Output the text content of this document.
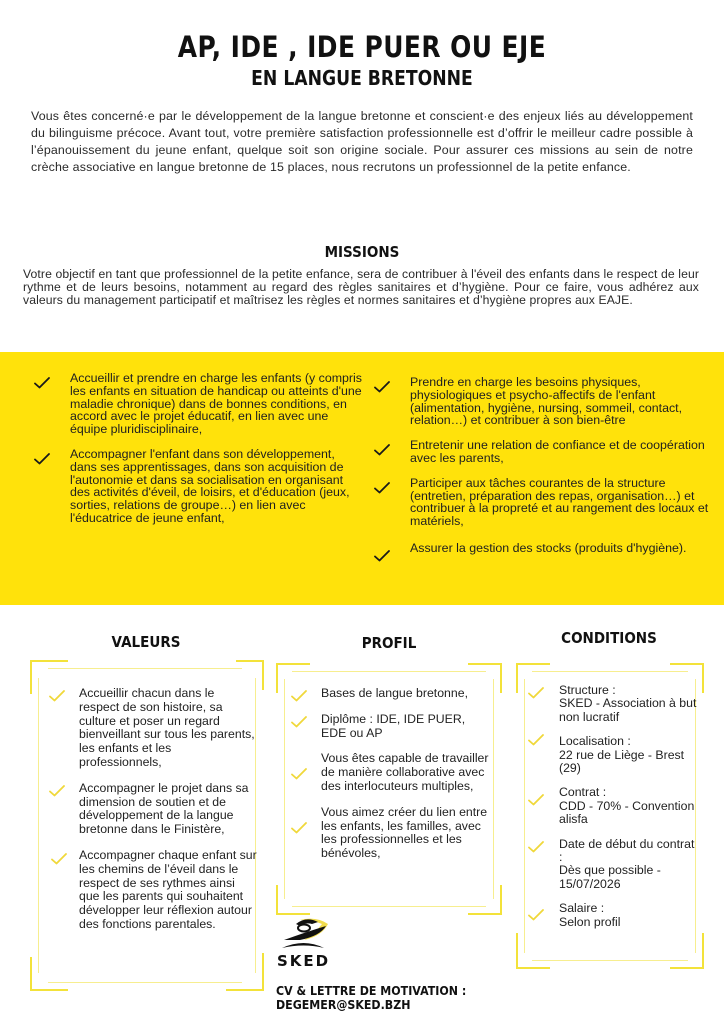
AP, IDE , IDE PUER OU EJE
EN LANGUE BRETONNE
Vous êtes concerné·e par le développement de la langue bretonne et conscient·e des enjeux liés au développement du bilinguisme précoce. Avant tout, votre première satisfaction professionnelle est d’offrir le meilleur cadre possible à l’épanouissement du jeune enfant, quelque soit son origine sociale. Pour assurer ces missions au sein de notre crèche associative en langue bretonne de 15 places, nous recrutons un professionnel de la petite enfance.
MISSIONS
Votre objectif en tant que professionnel de la petite enfance, sera de contribuer à l'éveil des enfants dans le respect de leur rythme et de leurs besoins, notamment au regard des règles sanitaires et d’hygiène. Pour ce faire, vous adhérez aux valeurs du management participatif et maîtrisez les règles et normes sanitaires et d’hygiène propres aux EAJE.
Accueillir et prendre en charge les enfants (y compris les enfants en situation de handicap ou atteints d'une maladie chronique) dans de bonnes conditions, en accord avec le projet éducatif, en lien avec une équipe pluridisciplinaire,
Accompagner l'enfant dans son développement, dans ses apprentissages, dans son acquisition de l'autonomie et dans sa socialisation en organisant des activités d'éveil, de loisirs, et d'éducation (jeux, sorties, relations de groupe…) en lien avec l'éducatrice de jeune enfant,
Prendre en charge les besoins physiques, physiologiques et psycho-affectifs de l'enfant (alimentation, hygiène, nursing, sommeil, contact, relation…) et contribuer à son bien-être
Entretenir une relation de confiance et de coopération avec les parents,
Participer aux tâches courantes de la structure (entretien, préparation des repas, organisation…) et contribuer à la propreté et au rangement des locaux et matériels,
Assurer la gestion des stocks (produits d'hygiène).
VALEURS	PROFIL	CONDITIONS
Accueillir chacun dans le respect de son histoire, sa culture et poser un regard bienveillant sur tous les parents, les enfants et les professionnels,
Accompagner le projet dans sa dimension de soutien et de développement de la langue bretonne dans le Finistère,
Accompagner chaque enfant sur les chemins de l’éveil dans le respect de ses rythmes ainsi que les parents qui souhaitent développer leur réflexion autour des fonctions parentales.
Bases de langue bretonne,
Diplôme : IDE, IDE PUER, EDE ou AP
Vous êtes capable de travailler de manière collaborative avec des interlocuteurs multiples,
Vous aimez créer du lien entre les enfants, les familles, avec les professionnelles et les bénévoles,
Structure :
SKED - Association à but non lucratif
Localisation :
22 rue de Liège - Brest (29)
Contrat :
CDD - 70% - Convention alisfa
Date de début du contrat :
Dès que possible - 15/07/2026
Salaire :
Selon profil
SKED
CV & LETTRE DE MOTIVATION :
DEGEMER@SKED.BZH
